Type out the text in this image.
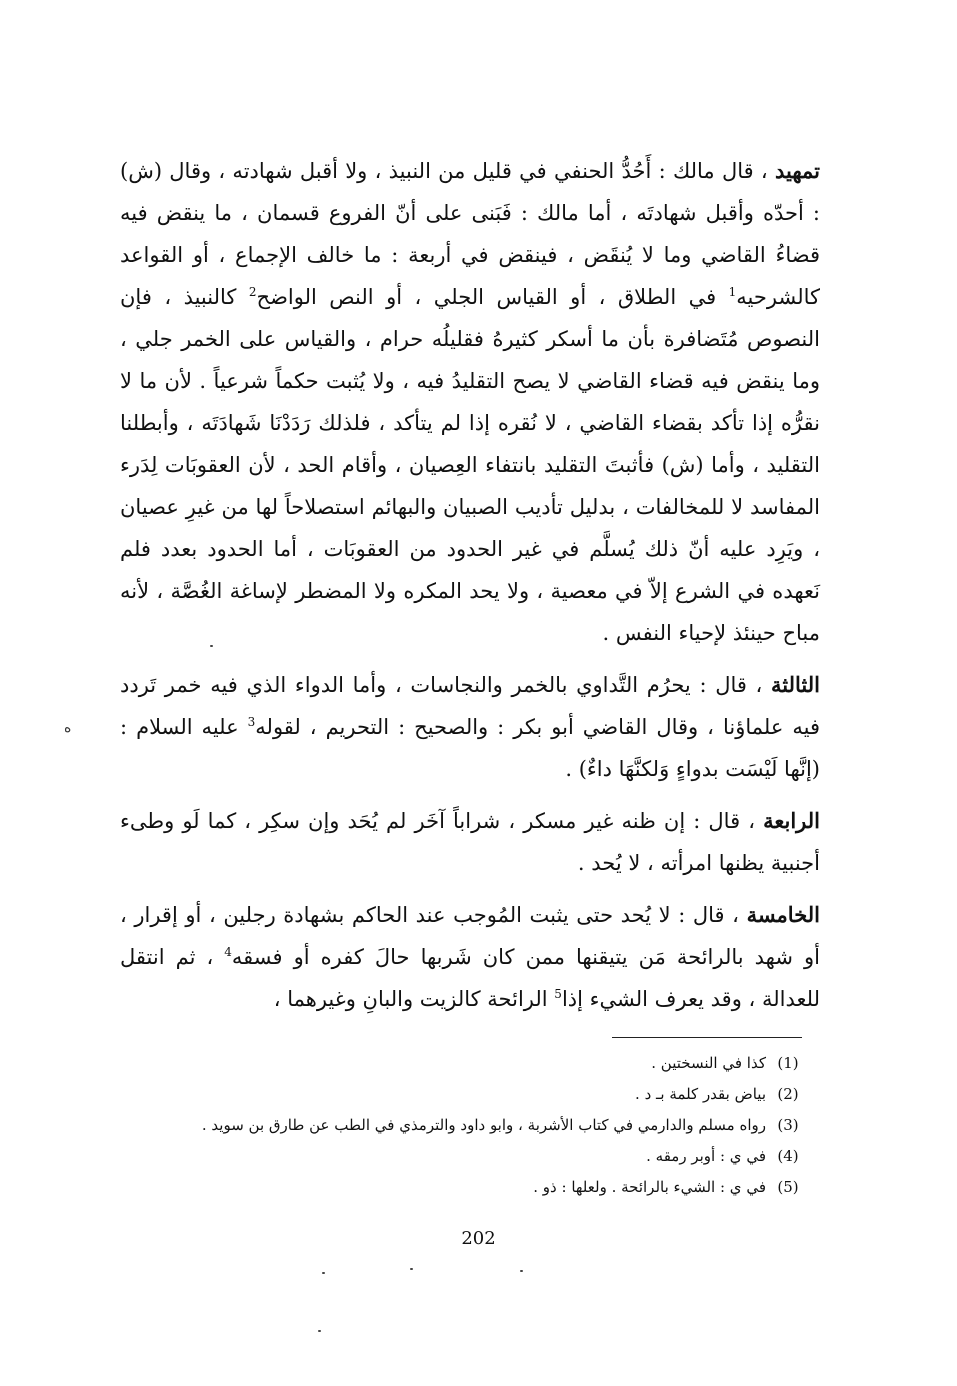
تمهيد ، قال مالك : أَحُدُّ الحنفي في قليل من النبيذ ، ولا أقبل شهادته ، وقال (ش) : أحدّه وأقبل شهادتَه ، أما مالك : فَبَنى على أنّ الفروع قسمان ، ما ينقض فيه قضاءُ القاضي وما لا يُنقَض ، فينقض في أربعة : ما خالف الإجماع ، أو القواعد كالشرحيه$^1$ في الطلاق ، أو القياس الجلي ، أو النص الواضح$^2$ كالنبيذ ، فإن النصوص مُتَضافرة بأن ما أسكر كثيرهُ فقليلُه حرام ، والقياس على الخمر جلي ، وما ينقض فيه قضاء القاضي لا يصح التقليدُ فيه ، ولا يُثبت حكماً شرعياً . لأن ما لا نقرُّه إذا تأكد بقضاء القاضي ، لا نُقره إذا لم يتأكد ، فلذلك رَدَدْنَا شَهادَتَه ، وأبطلنا التقليد ، وأما (ش) فأثبتَ التقليد بانتفاء العِصيان ، وأقام الحد ، لأن العقوبَات لِدَرء المفاسد لا للمخالفات ، بدليل تأديب الصبيان والبهائم استصلاحاً لها من غيرِ عصيان ، ويَرِد عليه أنّ ذلك يُسلَّم في غير الحدود من العقوبَات ، أما الحدود بعدد فلم نَعهده في الشرع إلاّ في معصية ، ولا يحد المكره ولا المضطر لإساغة الغُصَّة ، لأنه مباح حينئذ لإحياء النفس .

الثالثة ، قال : يحرُم التَّداوي بالخمر والنجاسات ، وأما الدواء الذي فيه خمر تَردد فيه علماؤنا ، وقال القاضي أبو بكر : والصحيح : التحريم ، لقوله$^3$ عليه السلام : (إنَّها لَيْسَت بدواءٍ وَلكنَّهَا داءٌ) .

الرابعة ، قال : إن ظنه غير مسكر ، شراباً آخَر لم يُحَد وإن سكِر ، كما لَو وطىء أجنبية يظنها امرأته ، لا يُحد .

الخامسة ، قال : لا يُحد حتى يثبت المُوجب عند الحاكم بشهادة رجلين ، أو إقرار ، أو شهد بالرائحة مَن يتيقنها ممن كان شَربها حالَ كفره أو فسقه$^4$ ، ثم انتقل للعدالة ، وقد يعرف الشيء إذا$^5$ الرائحة كالزيت والبانِ وغيرهما ،

ه
(1)
كذا في النسختين .
(2)
بياض بقدر كلمة بـ د .
(3)
رواه مسلم والدارمي في كتاب الأشربة ، وابو داود والترمذي في الطب عن طارق بن سويد .
(4)
في ي : أوبر رمقه .
(5)
في ي : الشيء بالرائحة . ولعلها : ذو .
202
